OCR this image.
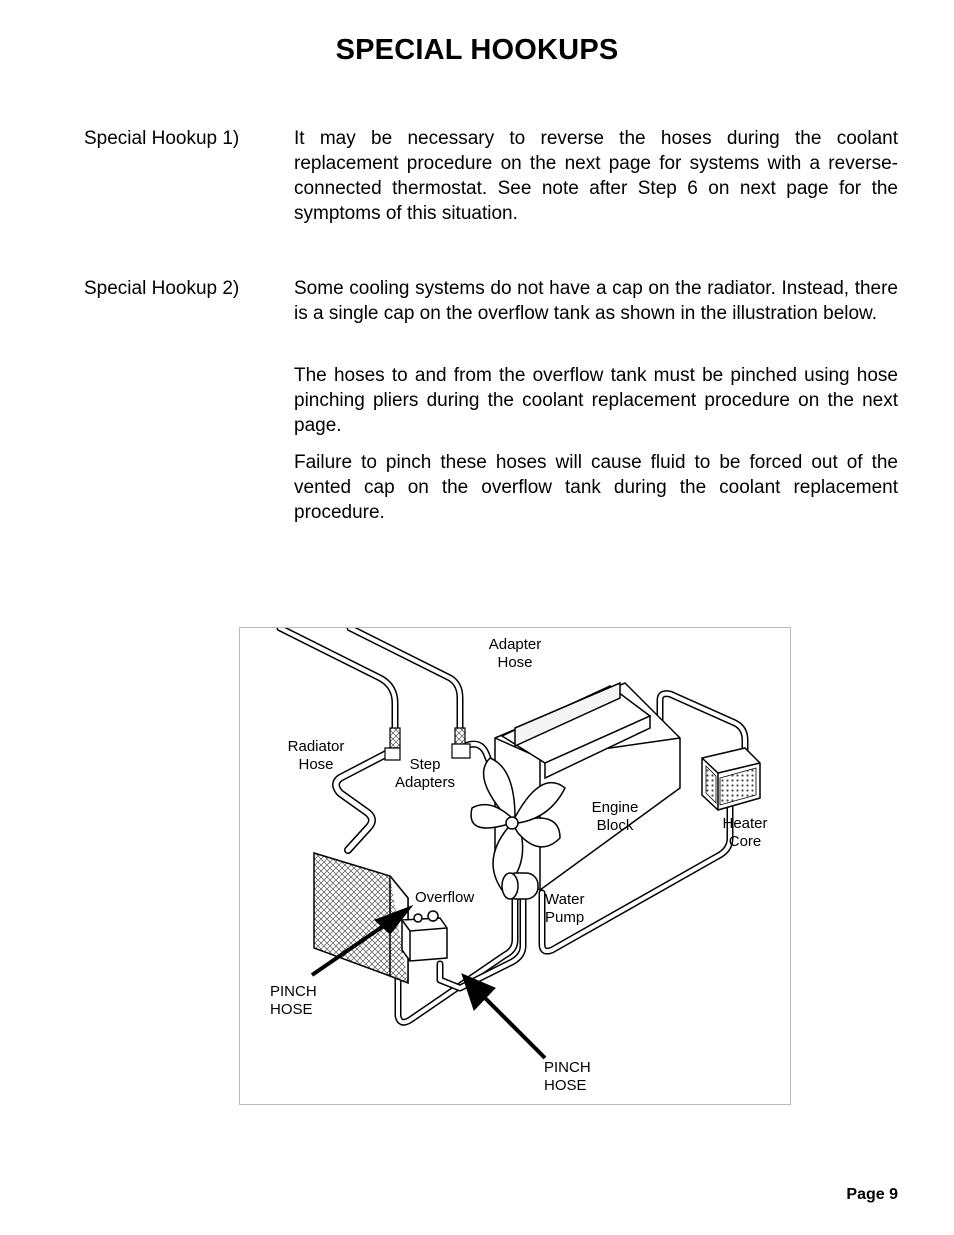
SPECIAL HOOKUPS
Special Hookup 1)	It may be necessary to reverse the hoses during the coolant replacement procedure on the next page for systems with a reverse-connected thermostat. See note after Step 6 on next page for the symptoms of this situation.
Special Hookup 2)	Some cooling systems do not have a cap on the radiator. Instead, there is a single cap on the overflow tank as shown in the illustration below.
The hoses to and from the overflow tank must be pinched using hose pinching pliers during the coolant replacement procedure on the next page.
Failure to pinch these hoses will cause fluid to be forced out of the vented cap on the overflow tank during the coolant replacement procedure.
Adapter
Hose
Radiator
Hose	Step
Adapters
Engine
Block	Heater
Core
Overflow	Water
Pump
PINCH
HOSE
PINCH
HOSE
Page 9
